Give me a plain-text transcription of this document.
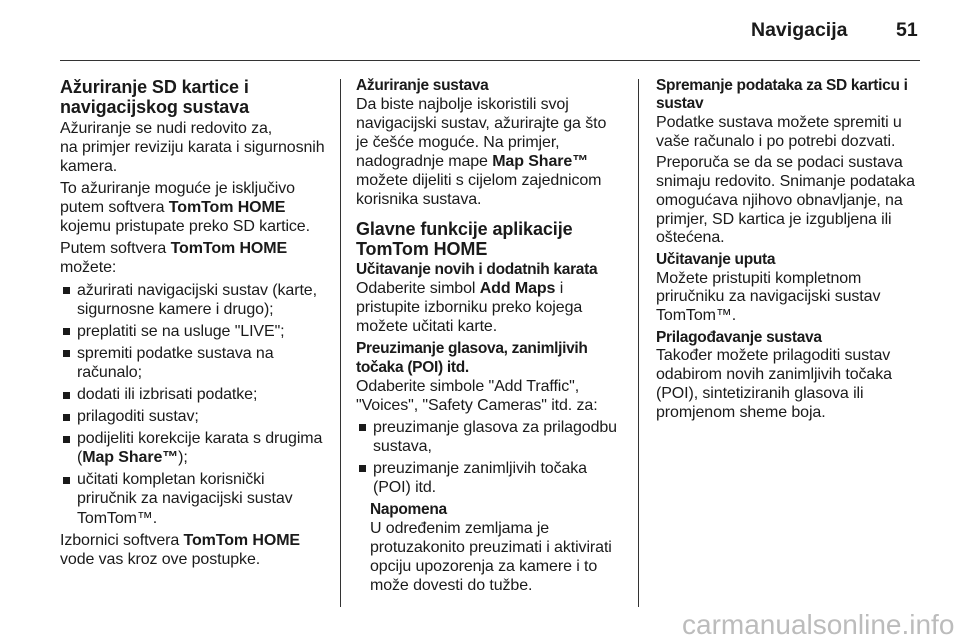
Navigacija 51
Ažuriranje SD kartice i
navigacijskog sustava

Ažuriranje se nudi redovito za,
na primjer reviziju karata i sigurnosnih
kamera.

To ažuriranje moguće je isključivo
putem softvera TomTom HOME
kojemu pristupate preko SD kartice.

Putem softvera TomTom HOME
možete:

ažurirati navigacijski sustav (karte,
sigurnosne kamere i drugo);
preplatiti se na usluge "LIVE";
spremiti podatke sustava na
računalo;
dodati ili izbrisati podatke;
prilagoditi sustav;
podijeliti korekcije karata s drugima
(Map Share™);
učitati kompletan korisnički
priručnik za navigacijski sustav
TomTom™.

Izbornici softvera TomTom HOME
vode vas kroz ove postupke.

Ažuriranje sustava

Da biste najbolje iskoristili svoj
navigacijski sustav, ažurirajte ga što
je češće moguće. Na primjer,
nadogradnje mape Map Share™
možete dijeliti s cijelom zajednicom
korisnika sustava.

Glavne funkcije aplikacije
TomTom HOME
Učitavanje novih i dodatnih karata

Odaberite simbol Add Maps i
pristupite izborniku preko kojega
možete učitati karte.

Preuzimanje glasova, zanimljivih
točaka (POI) itd.

Odaberite simbole "Add Traffic",
"Voices", "Safety Cameras" itd. za:

preuzimanje glasova za prilagodbu
sustava,
preuzimanje zanimljivih točaka
(POI) itd.
Napomena

U određenim zemljama je
protuzakonito preuzimati i aktivirati
opciju upozorenja za kamere i to
može dovesti do tužbe.

Spremanje podataka za SD karticu i
sustav

Podatke sustava možete spremiti u
vaše računalo i po potrebi dozvati.

Preporuča se da se podaci sustava
snimaju redovito. Snimanje podataka
omogućava njihovo obnavljanje, na
primjer, SD kartica je izgubljena ili
oštećena.

Učitavanje uputa

Možete pristupiti kompletnom
priručniku za navigacijski sustav
TomTom™.

Prilagođavanje sustava

Također možete prilagoditi sustav
odabirom novih zanimljivih točaka
(POI), sintetiziranih glasova ili
promjenom sheme boja.

carmanualsonline.info
